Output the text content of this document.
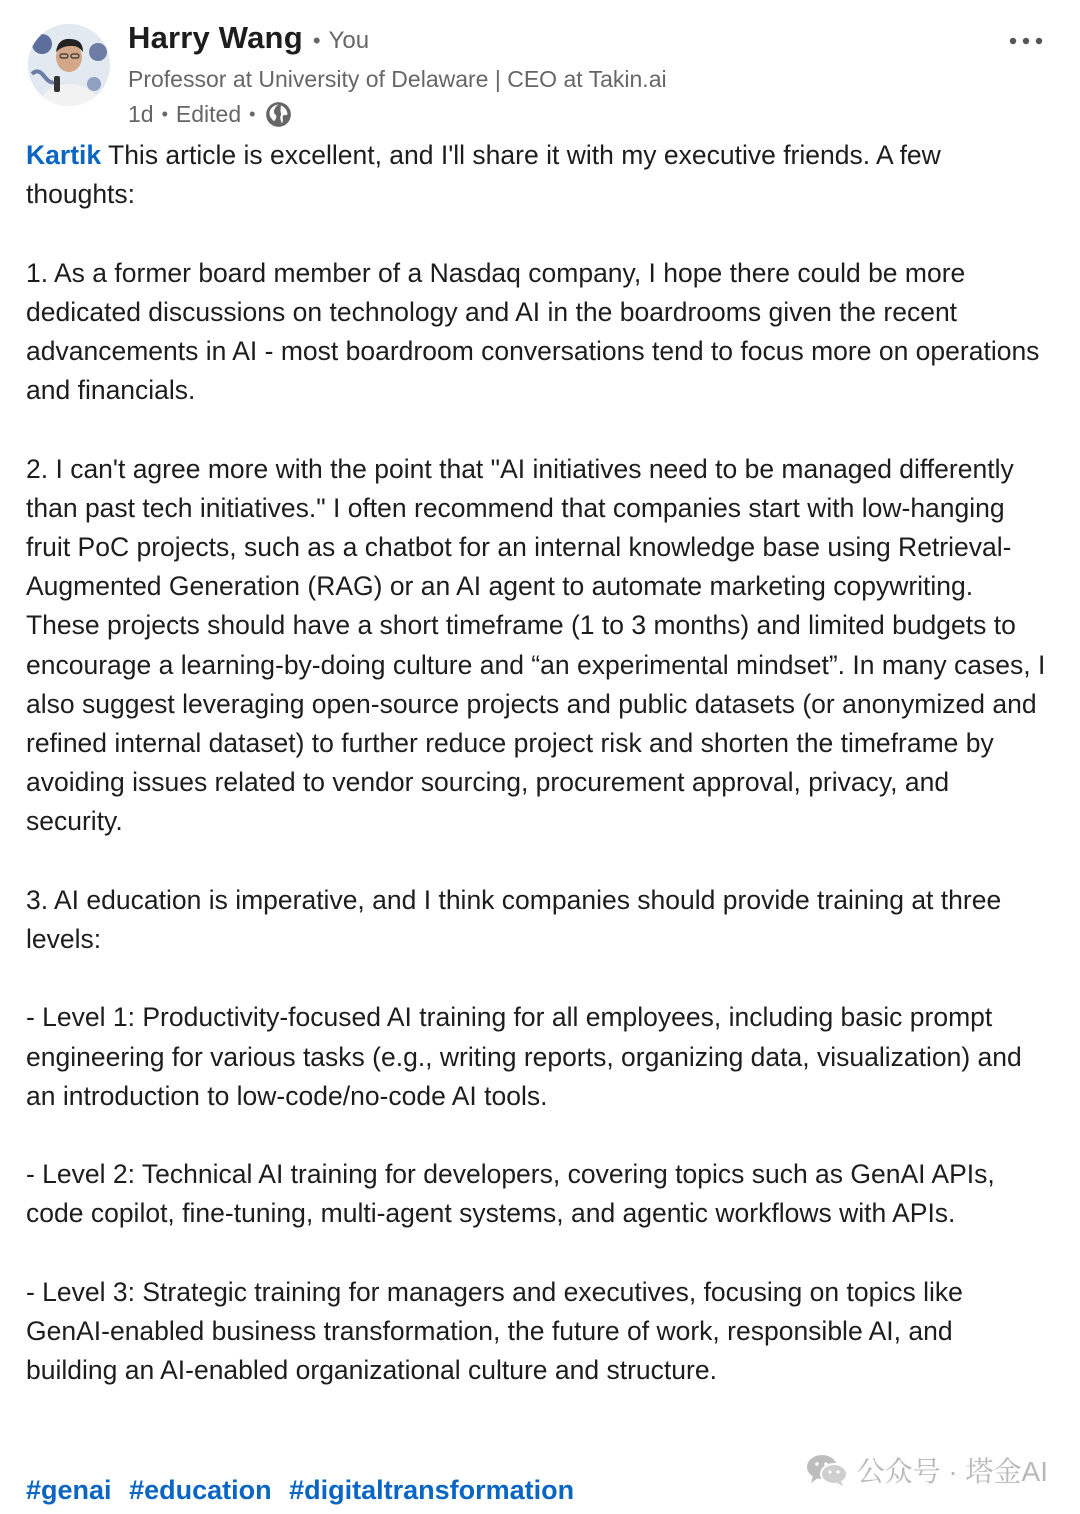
Harry Wang • You
Professor at University of Delaware | CEO at Takin.ai
1d • Edited •

Kartik This article is excellent, and I'll share it with my executive friends. A few thoughts:

1. As a former board member of a Nasdaq company, I hope there could be more dedicated discussions on technology and AI in the boardrooms given the recent advancements in AI - most boardroom conversations tend to focus more on operations and financials.

2. I can't agree more with the point that "AI initiatives need to be managed differently than past tech initiatives." I often recommend that companies start with low-hanging fruit PoC projects, such as a chatbot for an internal knowledge base using Retrieval-Augmented Generation (RAG) or an AI agent to automate marketing copywriting. These projects should have a short timeframe (1 to 3 months) and limited budgets to encourage a learning-by-doing culture and “an experimental mindset”. In many cases, I also suggest leveraging open-source projects and public datasets (or anonymized and refined internal dataset) to further reduce project risk and shorten the timeframe by avoiding issues related to vendor sourcing, procurement approval, privacy, and security.

3. AI education is imperative, and I think companies should provide training at three levels:

- Level 1: Productivity-focused AI training for all employees, including basic prompt engineering for various tasks (e.g., writing reports, organizing data, visualization) and an introduction to low-code/no-code AI tools.

- Level 2: Technical AI training for developers, covering topics such as GenAI APIs, code copilot, fine-tuning, multi-agent systems, and agentic workflows with APIs.

- Level 3: Strategic training for managers and executives, focusing on topics like GenAI-enabled business transformation, the future of work, responsible AI, and building an AI-enabled organizational culture and structure.

#genai #education #digitaltransformation
公众号 · 塔金AI
